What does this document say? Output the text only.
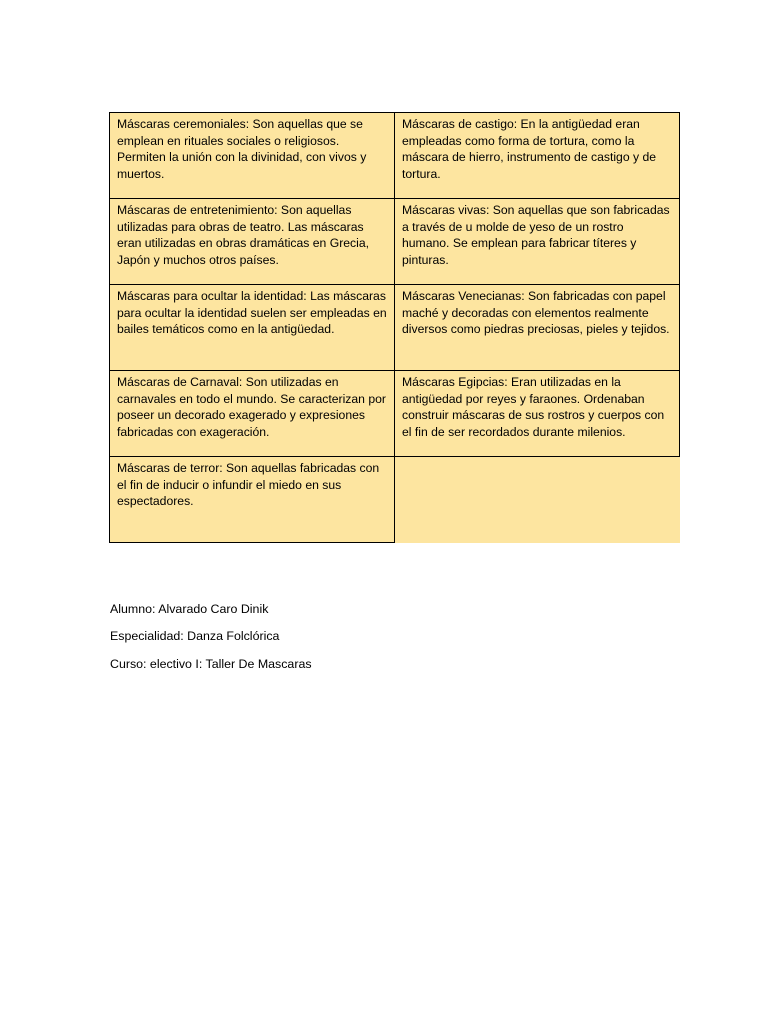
Máscaras ceremoniales: Son aquellas que se emplean en rituales sociales o religiosos. Permiten la unión con la divinidad, con vivos y muertos.	Máscaras de castigo: En la antigüedad eran empleadas como forma de tortura, como la máscara de hierro, instrumento de castigo y de tortura.
Máscaras de entretenimiento: Son aquellas utilizadas para obras de teatro. Las máscaras eran utilizadas en obras dramáticas en Grecia, Japón y muchos otros países.	Máscaras vivas: Son aquellas que son fabricadas a través de u molde de yeso de un rostro humano. Se emplean para fabricar títeres y pinturas.
Máscaras para ocultar la identidad: Las máscaras para ocultar la identidad suelen ser empleadas en bailes temáticos como en la antigüedad.	Máscaras Venecianas: Son fabricadas con papel maché y decoradas con elementos realmente diversos como piedras preciosas, pieles y tejidos.
Máscaras de Carnaval: Son utilizadas en carnavales en todo el mundo. Se caracterizan por poseer un decorado exagerado y expresiones fabricadas con exageración.	Máscaras Egipcias: Eran utilizadas en la antigüedad por reyes y faraones. Ordenaban construir máscaras de sus rostros y cuerpos con el fin de ser recordados durante milenios.
Máscaras de terror: Son aquellas fabricadas con el fin de inducir o infundir el miedo en sus espectadores.	
Alumno: Alvarado Caro Dinik
Especialidad: Danza Folclórica
Curso: electivo I: Taller De Mascaras
